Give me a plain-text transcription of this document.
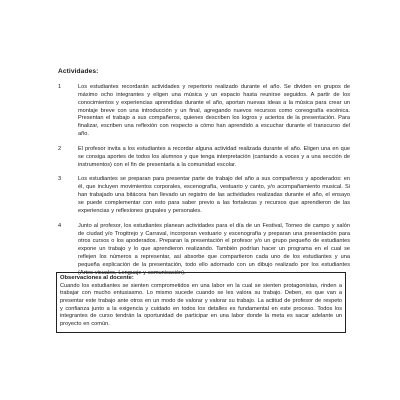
Actividades:
1	Los estudiantes recordarán actividades y repertorio realizado durante el año. Se dividen en grupos de máximo ocho integrantes y eligen una música y un espacio hasta reunirse seguidos. A partir de los conocimientos y experiencias aprendidas durante el año, aportan nuevas ideas a la música para crear un montaje breve con una introducción y un final, agregando nuevos recursos como coreografía escénica. Presentan el trabajo a sus compañeros, quienes describen los logros y aciertos de la presentación. Para finalizar, escriben una reflexión con respecto a cómo han aprendido a escuchar durante el transcurso del año.
2	El profesor invita a los estudiantes a recordar alguna actividad realizada durante el año. Eligen una en que se consiga aportes de todos los alumnos y que tenga interpretación (cantando a voces y a una sección de instrumentos) con el fin de presentarla a la comunidad escolar.
3	Los estudiantes se preparan para presentar parte de trabajo del año a sus compañeros y apoderados: en él, que incluyen movimientos corporales, escenografía, vestuario y canto, y/o acompañamiento musical. Si han trabajado una bitácora han llevado un registro de las actividades realizadas durante el año, el ensayo se puede complementar con esto para saber previo a las fortalezas y recursos que aprendieron de las experiencias y reflexiones grupales y personales.
4	Junto al profesor, los estudiantes planean actividades para el día de un Festival, Torneo de campo y salón de ciudad y/o Trogitrejo y Carraval, incorporan vestuario y escenografía y preparan una presentación para otros cursos o los apoderados. Preparan la presentación el profesor y/o un grupo pequeño de estudiantes expone un trabajo y lo que aprendieron realizando. También podrían hacer un programa en el cual se reflejen los números a representar, así absorbe que compartieron cada uno de los estudiantes y una pequeña explicación de la presentación, todo ello adornado con un dibujo realizado por los estudiantes (Artes visuales, Lenguaje y comunicación).
Observaciones al docente:
Cuando los estudiantes se sienten comprometidos en una labor en la cual se sienten protagonistas, rinden a trabajar con mucho entusiasmo. Lo mismo sucede cuando se les valora su trabajo. Deben, es que van a presentar este trabajo ante otros en un modo de valorar y valorar su trabajo. La actitud de profesor de respeto y confianza junto a la exigencia y cuidado en todos los detalles es fundamental en este proceso. Todos los integrantes de curso tendrán la oportunidad de participar en una labor donde la meta es sacar adelante un proyecto en común.
